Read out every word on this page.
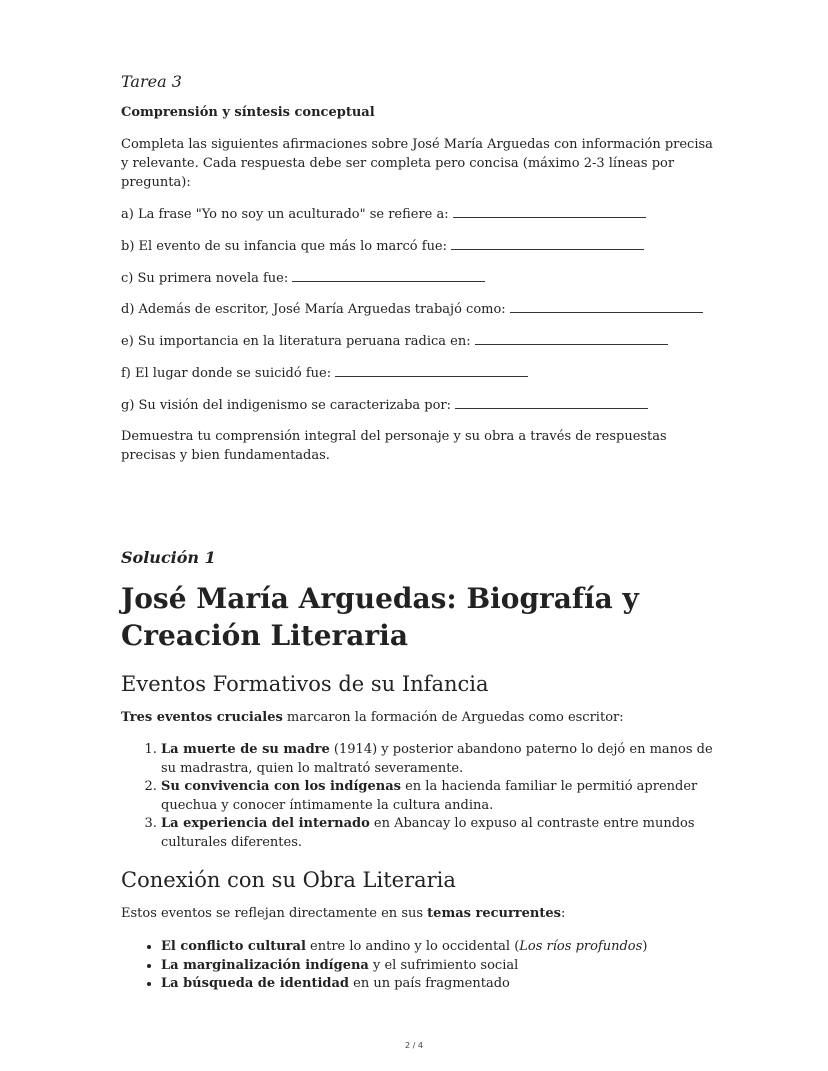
Tarea 3
Comprensión y síntesis conceptual
Completa las siguientes afirmaciones sobre José María Arguedas con información precisa y relevante. Cada respuesta debe ser completa pero concisa (máximo 2-3 líneas por pregunta):
a) La frase "Yo no soy un aculturado" se refiere a:
b) El evento de su infancia que más lo marcó fue:
c) Su primera novela fue:
d) Además de escritor, José María Arguedas trabajó como:
e) Su importancia en la literatura peruana radica en:
f) El lugar donde se suicidó fue:
g) Su visión del indigenismo se caracterizaba por:
Demuestra tu comprensión integral del personaje y su obra a través de respuestas precisas y bien fundamentadas.
Solución 1
José María Arguedas: Biografía y Creación Literaria
Eventos Formativos de su Infancia
Tres eventos cruciales marcaron la formación de Arguedas como escritor:
1. La muerte de su madre (1914) y posterior abandono paterno lo dejó en manos de su madrastra, quien lo maltrató severamente.
2. Su convivencia con los indígenas en la hacienda familiar le permitió aprender quechua y conocer íntimamente la cultura andina.
3. La experiencia del internado en Abancay lo expuso al contraste entre mundos culturales diferentes.
Conexión con su Obra Literaria
Estos eventos se reflejan directamente en sus temas recurrentes:
• El conflicto cultural entre lo andino y lo occidental (Los ríos profundos)
• La marginalización indígena y el sufrimiento social
• La búsqueda de identidad en un país fragmentado
2 / 4
